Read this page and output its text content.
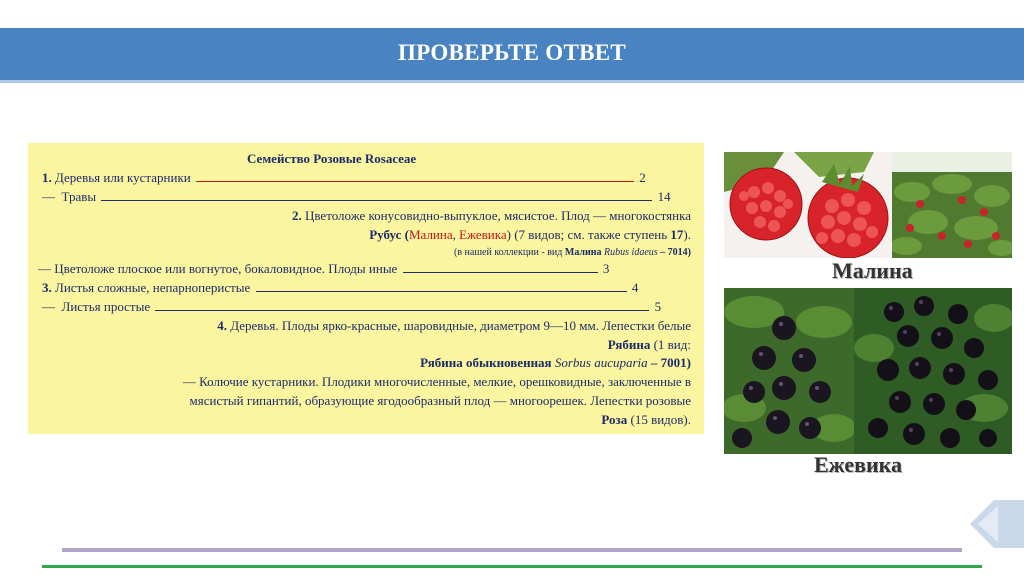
ПРОВЕРЬТЕ ОТВЕТ
Семейство Розовые Rosaceae
1. Деревья или кустарники	2
— Травы	14
2. Цветоложе конусовидно-выпуклое, мясистое. Плод — многокостянка
Рубус (Малина, Ежевика) (7 видов; см. также ступень 17).
(в нашей коллекции - вид Малина Rubus idaeus – 7014)
— Цветоложе плоское или вогнутое, бокаловидное. Плоды иные	3
3. Листья сложные, непарноперистые	4
— Листья простые	5
4. Деревья. Плоды ярко-красные, шаровидные, диаметром 9—10 мм. Лепестки белые
Рябина (1 вид:
Рябина обыкновенная Sorbus aucuparia – 7001)
— Колючие кустарники. Плодики многочисленные, мелкие, орешковидные, заключенные в
мясистый гипантий, образующие ягодообразный плод — многоорешек. Лепестки розовые
Роза (15 видов).
Малина
Ежевика
